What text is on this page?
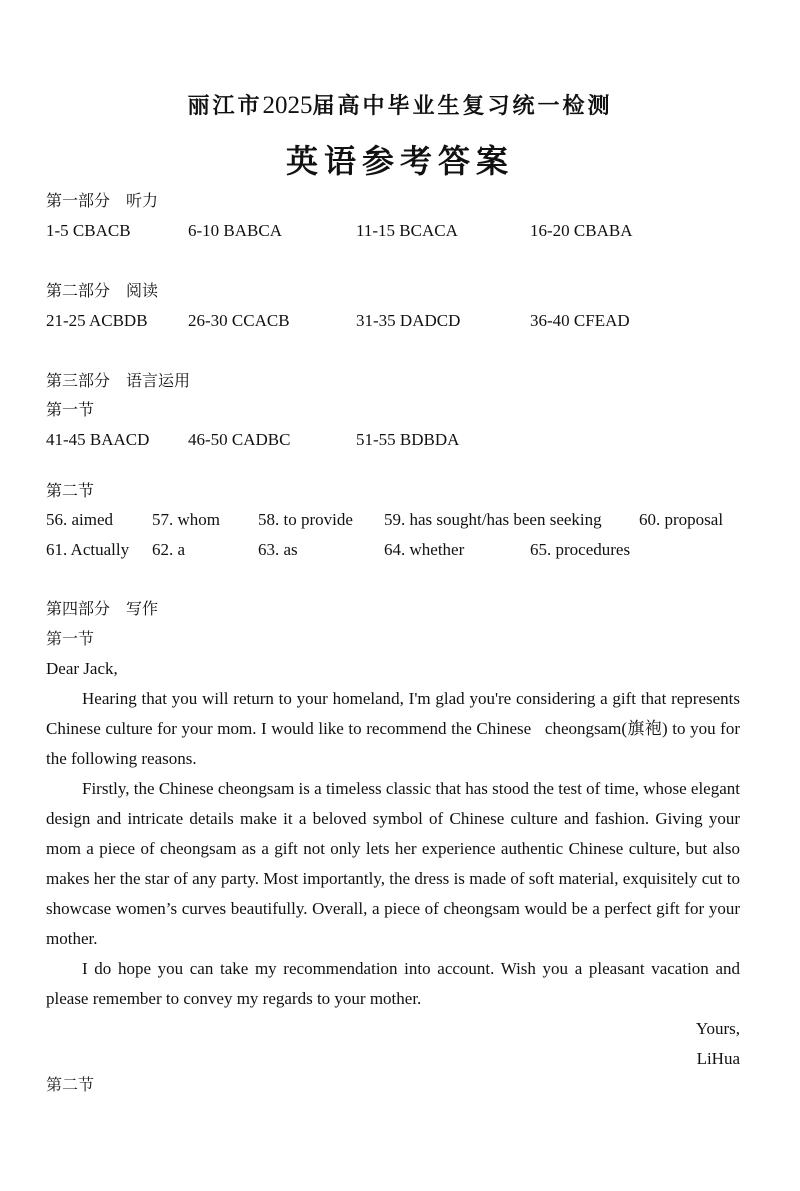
丽江市2025届高中毕业生复习统一检测
英语参考答案
第一部分 听力
1-5 CBACB	6-10 BABCA	11-15 BCACA	16-20 CBABA
第二部分 阅读
21-25 ACBDB 26-30 CCACB	31-35 DADCD	36-40 CFEAD
第三部分 语言运用
第一节
41-45 BAACD 46-50 CADBC	51-55 BDBDA
第二节
56. aimed 57. whom 58. to provide 59. has sought/has been seeking 60. proposal
61. Actually 62. a	63. as	64. whether	65. procedures
第四部分 写作
第一节
Dear Jack,
Hearing that you will return to your homeland, I'm glad you're considering a gift that represents Chinese culture for your mom. I would like to recommend the Chinese   cheongsam(旗袍) to you for the following reasons.
Firstly, the Chinese cheongsam is a timeless classic that has stood the test of time, whose elegant design and intricate details make it a beloved symbol of Chinese culture and fashion. Giving your mom a piece of cheongsam as a gift not only lets her experience authentic Chinese culture, but also makes her the star of any party. Most importantly, the dress is made of soft material, exquisitely cut to showcase women’s curves beautifully. Overall, a piece of cheongsam would be a perfect gift for your mother.
I do hope you can take my recommendation into account. Wish you a pleasant vacation and please remember to convey my regards to your mother.
Yours,
LiHua
第二节
